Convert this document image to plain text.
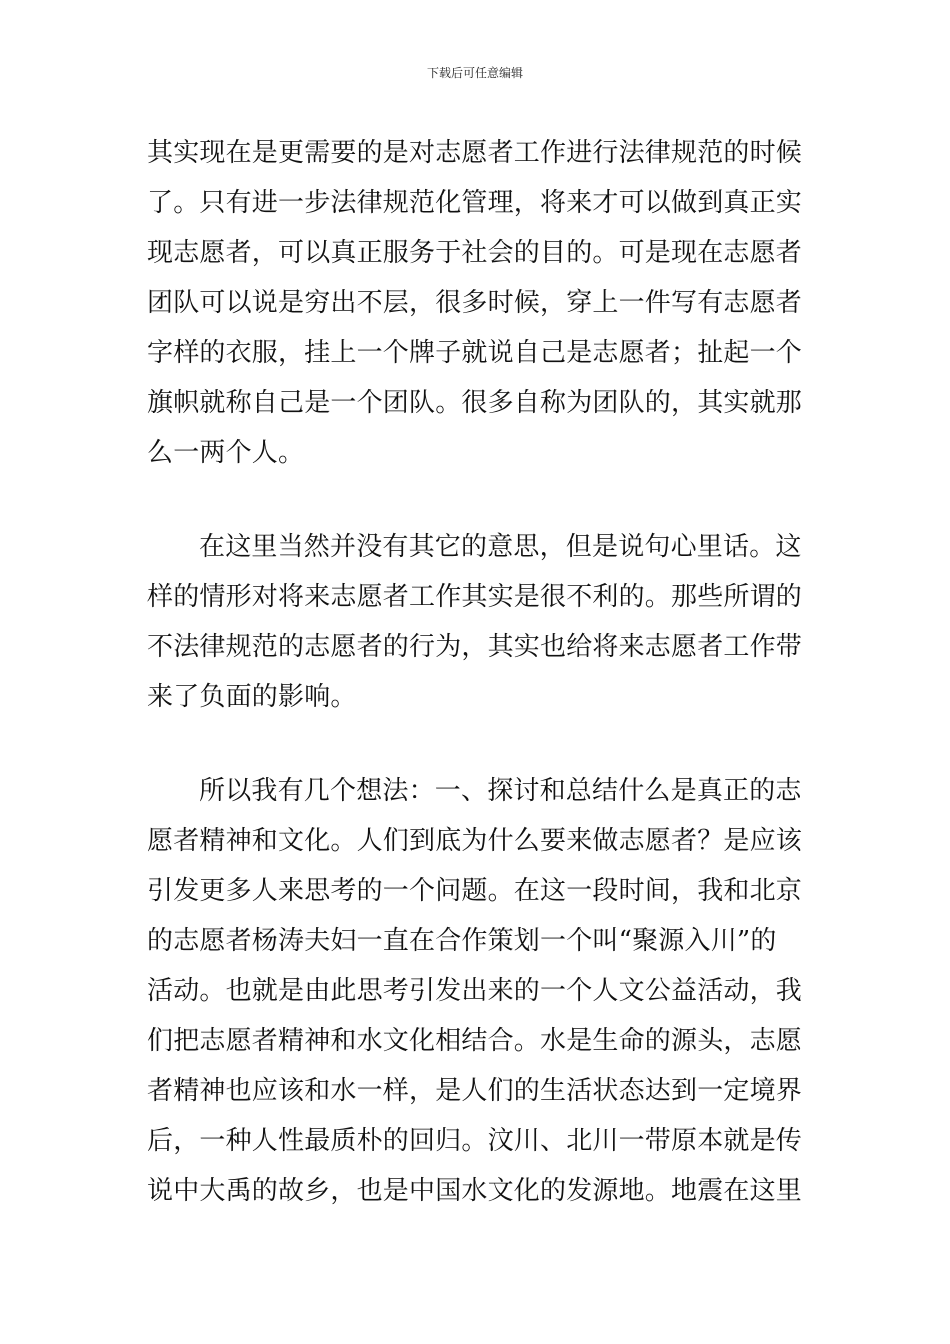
下载后可任意编辑
其实现在是更需要的是对志愿者工作进行法律规范的时候
了。只有进一步法律规范化管理，将来才可以做到真正实
现志愿者，可以真正服务于社会的目的。可是现在志愿者
团队可以说是穷出不层，很多时候，穿上一件写有志愿者
字样的衣服，挂上一个牌子就说自己是志愿者；扯起一个
旗帜就称自己是一个团队。很多自称为团队的，其实就那
么一两个人。
在这里当然并没有其它的意思，但是说句心里话。这
样的情形对将来志愿者工作其实是很不利的。那些所谓的
不法律规范的志愿者的行为，其实也给将来志愿者工作带
来了负面的影响。
所以我有几个想法：一、探讨和总结什么是真正的志
愿者精神和文化。人们到底为什么要来做志愿者？是应该
引发更多人来思考的一个问题。在这一段时间，我和北京
的志愿者杨涛夫妇一直在合作策划一个叫“聚源入川”的
活动。也就是由此思考引发出来的一个人文公益活动，我
们把志愿者精神和水文化相结合。水是生命的源头，志愿
者精神也应该和水一样，是人们的生活状态达到一定境界
后，一种人性最质朴的回归。汶川、北川一带原本就是传
说中大禹的故乡，也是中国水文化的发源地。地震在这里
